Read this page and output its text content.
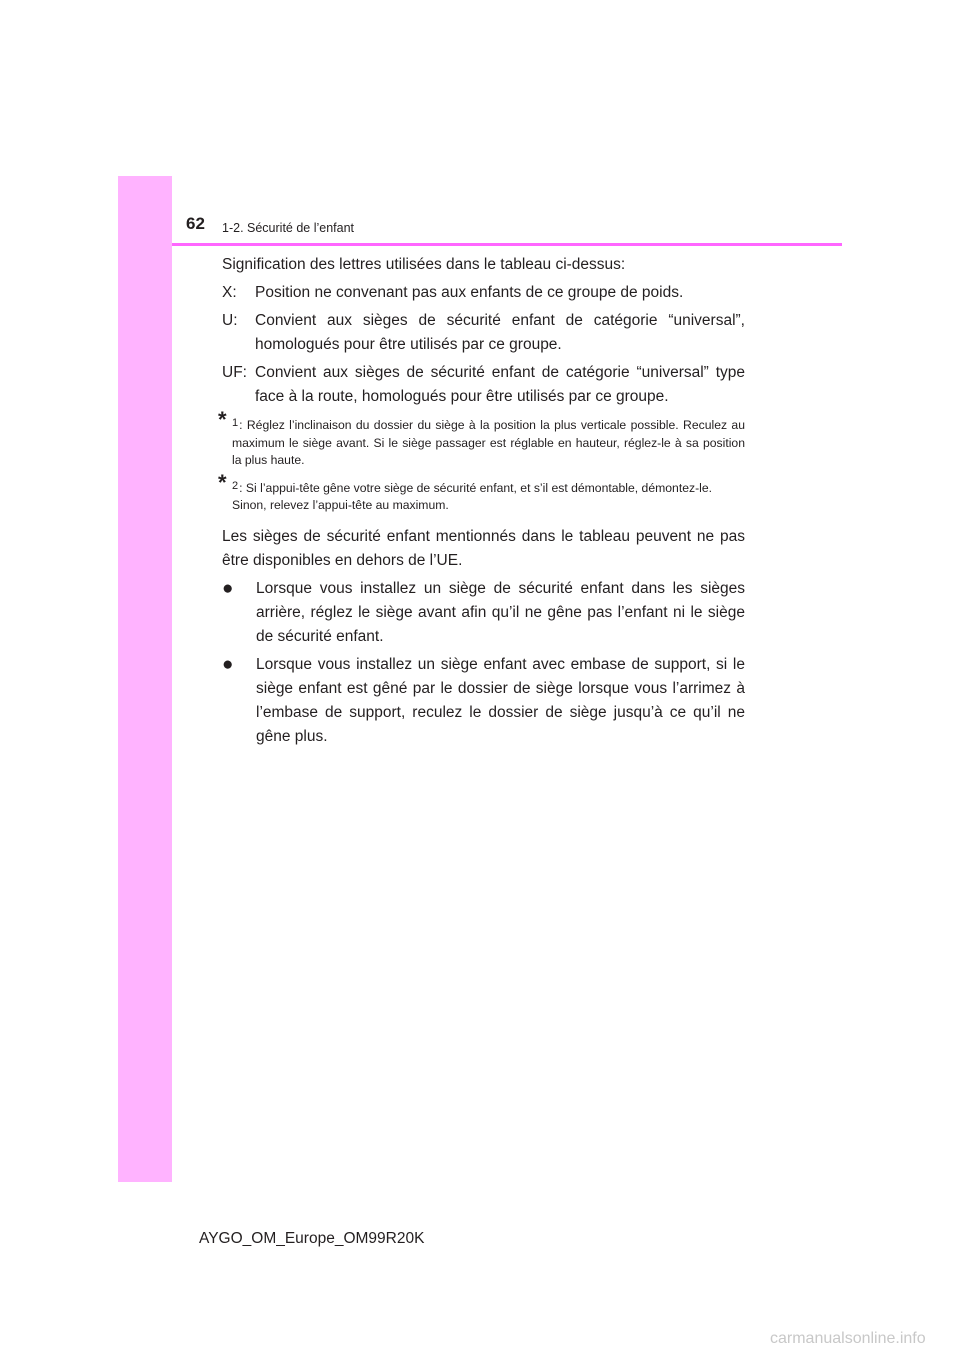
62 1-2. Sécurité de l’enfant

Signification des lettres utilisées dans le tableau ci-dessus:

X:	Position ne convenant pas aux enfants de ce groupe de poids.
U:	Convient aux sièges de sécurité enfant de catégorie “universal”, homologués pour être utilisés par ce groupe.
UF: Convient aux sièges de sécurité enfant de catégorie “universal” type face à la route, homologués pour être utilisés par ce groupe.
* 1: Réglez l’inclinaison du dossier du siège à la position la plus verticale possible. Reculez au maximum le siège avant. Si le siège passager est réglable en hauteur, réglez-le à sa position la plus haute.
* 2: Si l’appui-tête gêne votre siège de sécurité enfant, et s’il est démontable, démontez-le.
Sinon, relevez l’appui-tête au maximum.

Les sièges de sécurité enfant mentionnés dans le tableau peuvent ne pas être disponibles en dehors de l’UE.

●	Lorsque vous installez un siège de sécurité enfant dans les sièges arrière, réglez le siège avant afin qu’il ne gêne pas l’enfant ni le siège de sécurité enfant.
●	Lorsque vous installez un siège enfant avec embase de support, si le siège enfant est gêné par le dossier de siège lorsque vous l’arrimez à l’embase de support, reculez le dossier de siège jusqu’à ce qu’il ne gêne plus.
AYGO_OM_Europe_OM99R20K
carmanualsonline.info
